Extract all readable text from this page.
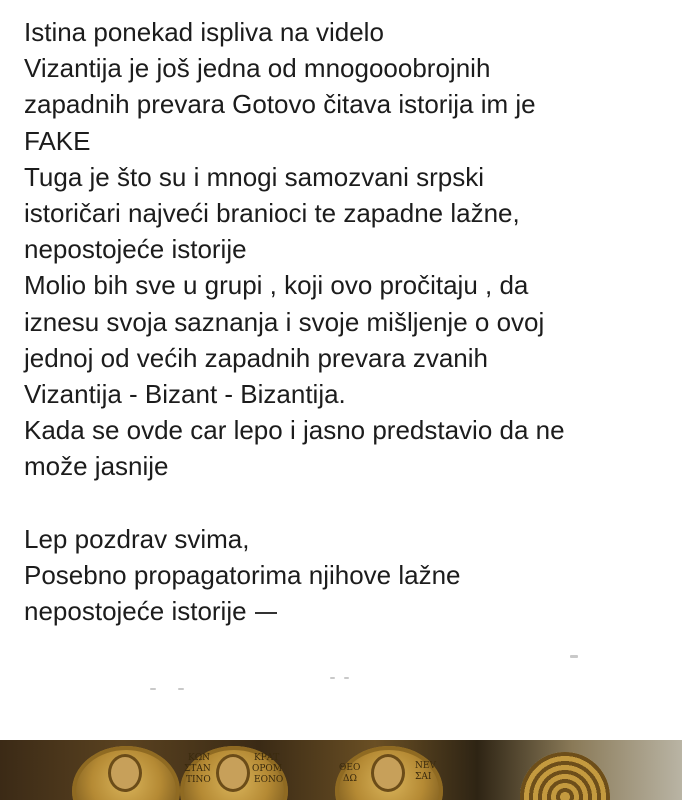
Istina ponekad ispliva na videlo
Vizantija je još jedna od mnogooobrojnih
zapadnih prevara Gotovo čitava istorija im je
FAKE
Tuga je što su i mnogi samozvani srpski
istoričari najveći branioci te zapadne lažne,
nepostojeće istorije
Molio bih sve u grupi , koji ovo pročitaju , da
iznesu svoja saznanja i svoje mišljenje o ovoj
jednoj od većih zapadnih prevara zvanih
Vizantija - Bizant - Bizantija.
Kada se ovde car lepo i jasno predstavio da ne
može jasnije
Lep pozdrav svima,
Posebno propagatorima njihove lažne
nepostojeće istorije
ΚΩΝ
ΣΤΑΝ
ΤΙΝΟ
ΚΡΑΤ
ΟΡΟΜ
ΕΟΝΟ
ΘΕΟ
ΔΩ
ΝΕV
ΣΑΙ
